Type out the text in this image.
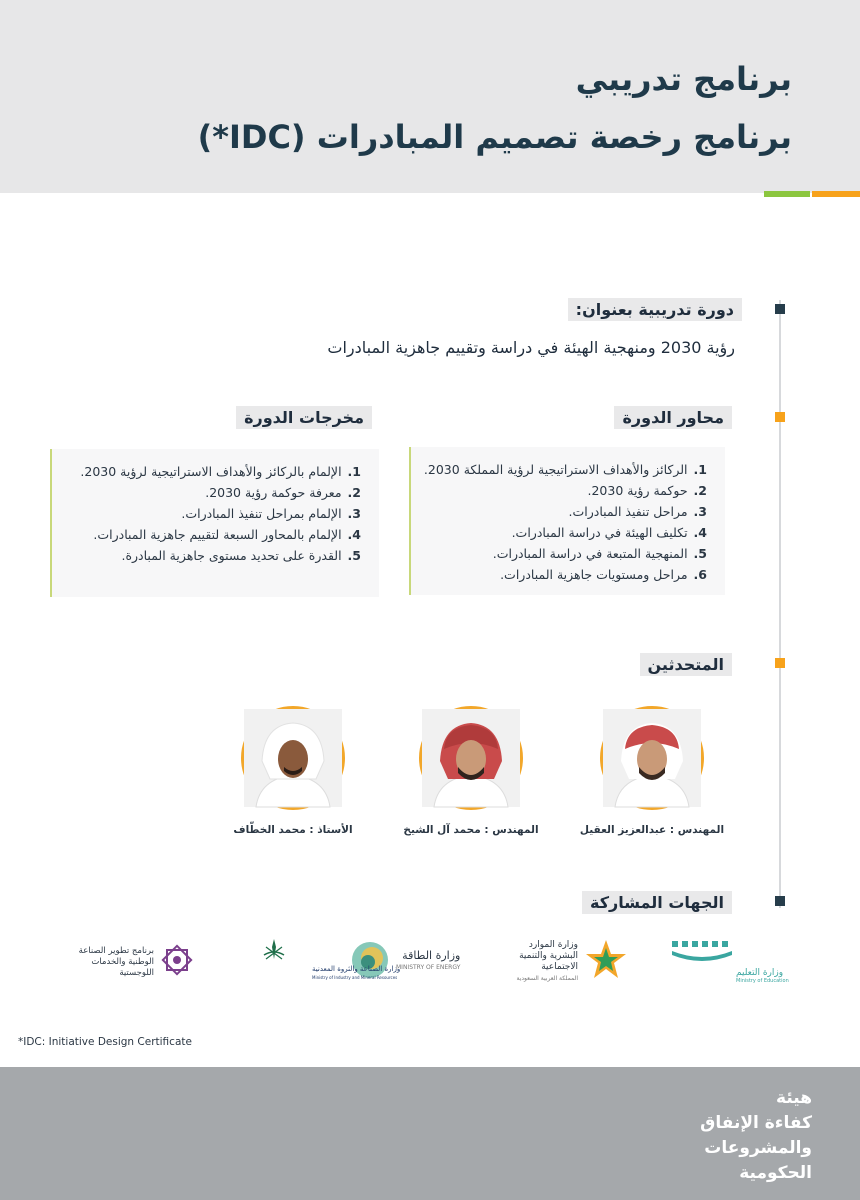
برنامج تدريبي
برنامج رخصة تصميم المبادرات (IDC*)
دورة تدريبية بعنوان:
رؤية 2030 ومنهجية الهيئة في دراسة وتقييم جاهزية المبادرات
محاور الدورة
مخرجات الدورة
1.الركائز والأهداف الاستراتيجية لرؤية المملكة 2030.
2.حوكمة رؤية 2030.
3.مراحل تنفيذ المبادرات.
4.تكليف الهيئة في دراسة المبادرات.
5.المنهجية المتبعة في دراسة المبادرات.
6.مراحل ومستويات جاهزية المبادرات.
1.الإلمام بالركائز والأهداف الاستراتيجية لرؤية 2030.
2.معرفة حوكمة رؤية 2030.
3.الإلمام بمراحل تنفيذ المبادرات.
4.الإلمام بالمحاور السبعة لتقييم جاهزية المبادرات.
5.القدرة على تحديد مستوى جاهزية المبادرة.
المتحدثين
المهندس : عبدالعزيز العقيل
المهندس : محمد آل الشيخ
الأستاذ : محمد الخطّاف
الجهات المشاركة
وزارة التعليم
Ministry of Education
وزارة الموارد البشرية والتنمية الاجتماعية
المملكة العربية السعودية
وزارة الطاقة
MINISTRY OF ENERGY
وزارة الصناعة والثروة المعدنية
Ministry of Industry and Mineral Resources
برنامج تطوير الصناعة الوطنية والخدمات اللوجستية
*IDC: Initiative Design Certificate
هيئة
كفاءة الإنفاق
والمشروعات
الحكومية
